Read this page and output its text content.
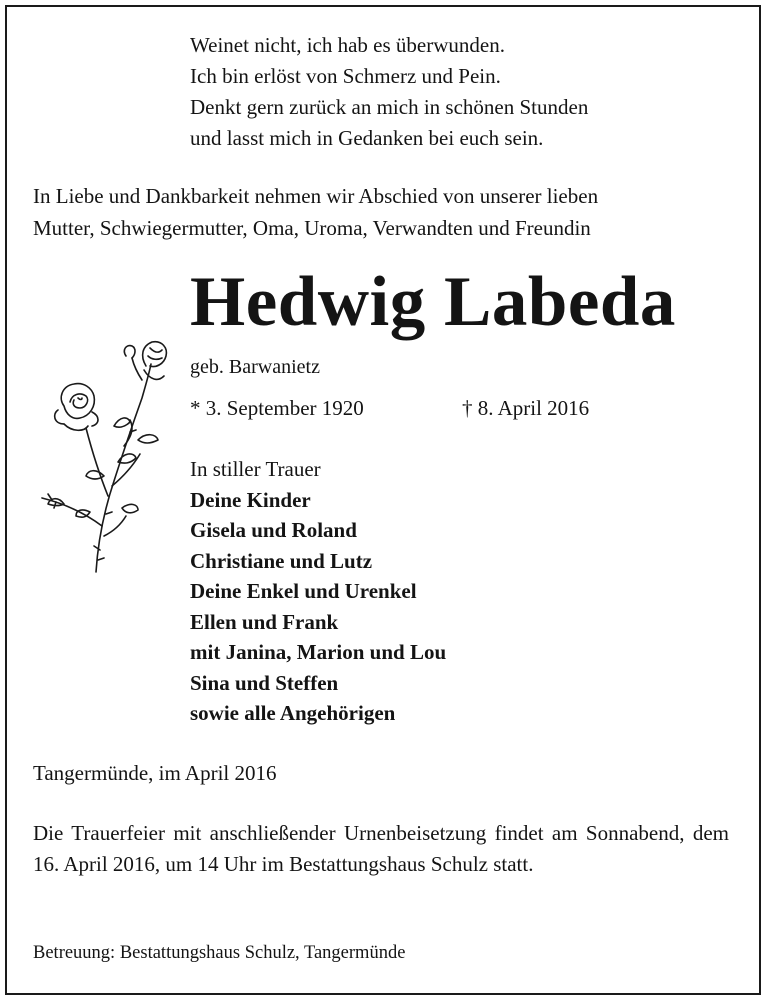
Weinet nicht, ich hab es überwunden.
Ich bin erlöst von Schmerz und Pein.
Denkt gern zurück an mich in schönen Stunden
und lasst mich in Gedanken bei euch sein.
In Liebe und Dankbarkeit nehmen wir Abschied von unserer lieben
Mutter, Schwiegermutter, Oma, Uroma, Verwandten und Freundin
Hedwig Labeda
geb. Barwanietz
* 3. September 1920	† 8. April 2016
In stiller Trauer
Deine Kinder
Gisela und Roland
Christiane und Lutz
Deine Enkel und Urenkel
Ellen und Frank
mit Janina, Marion und Lou
Sina und Steffen
sowie alle Angehörigen
Tangermünde, im April 2016
Die Trauerfeier mit anschließender Urnenbeisetzung findet am Sonnabend, dem 16. April 2016, um 14 Uhr im Bestattungshaus Schulz statt.
Betreuung: Bestattungshaus Schulz, Tangermünde
